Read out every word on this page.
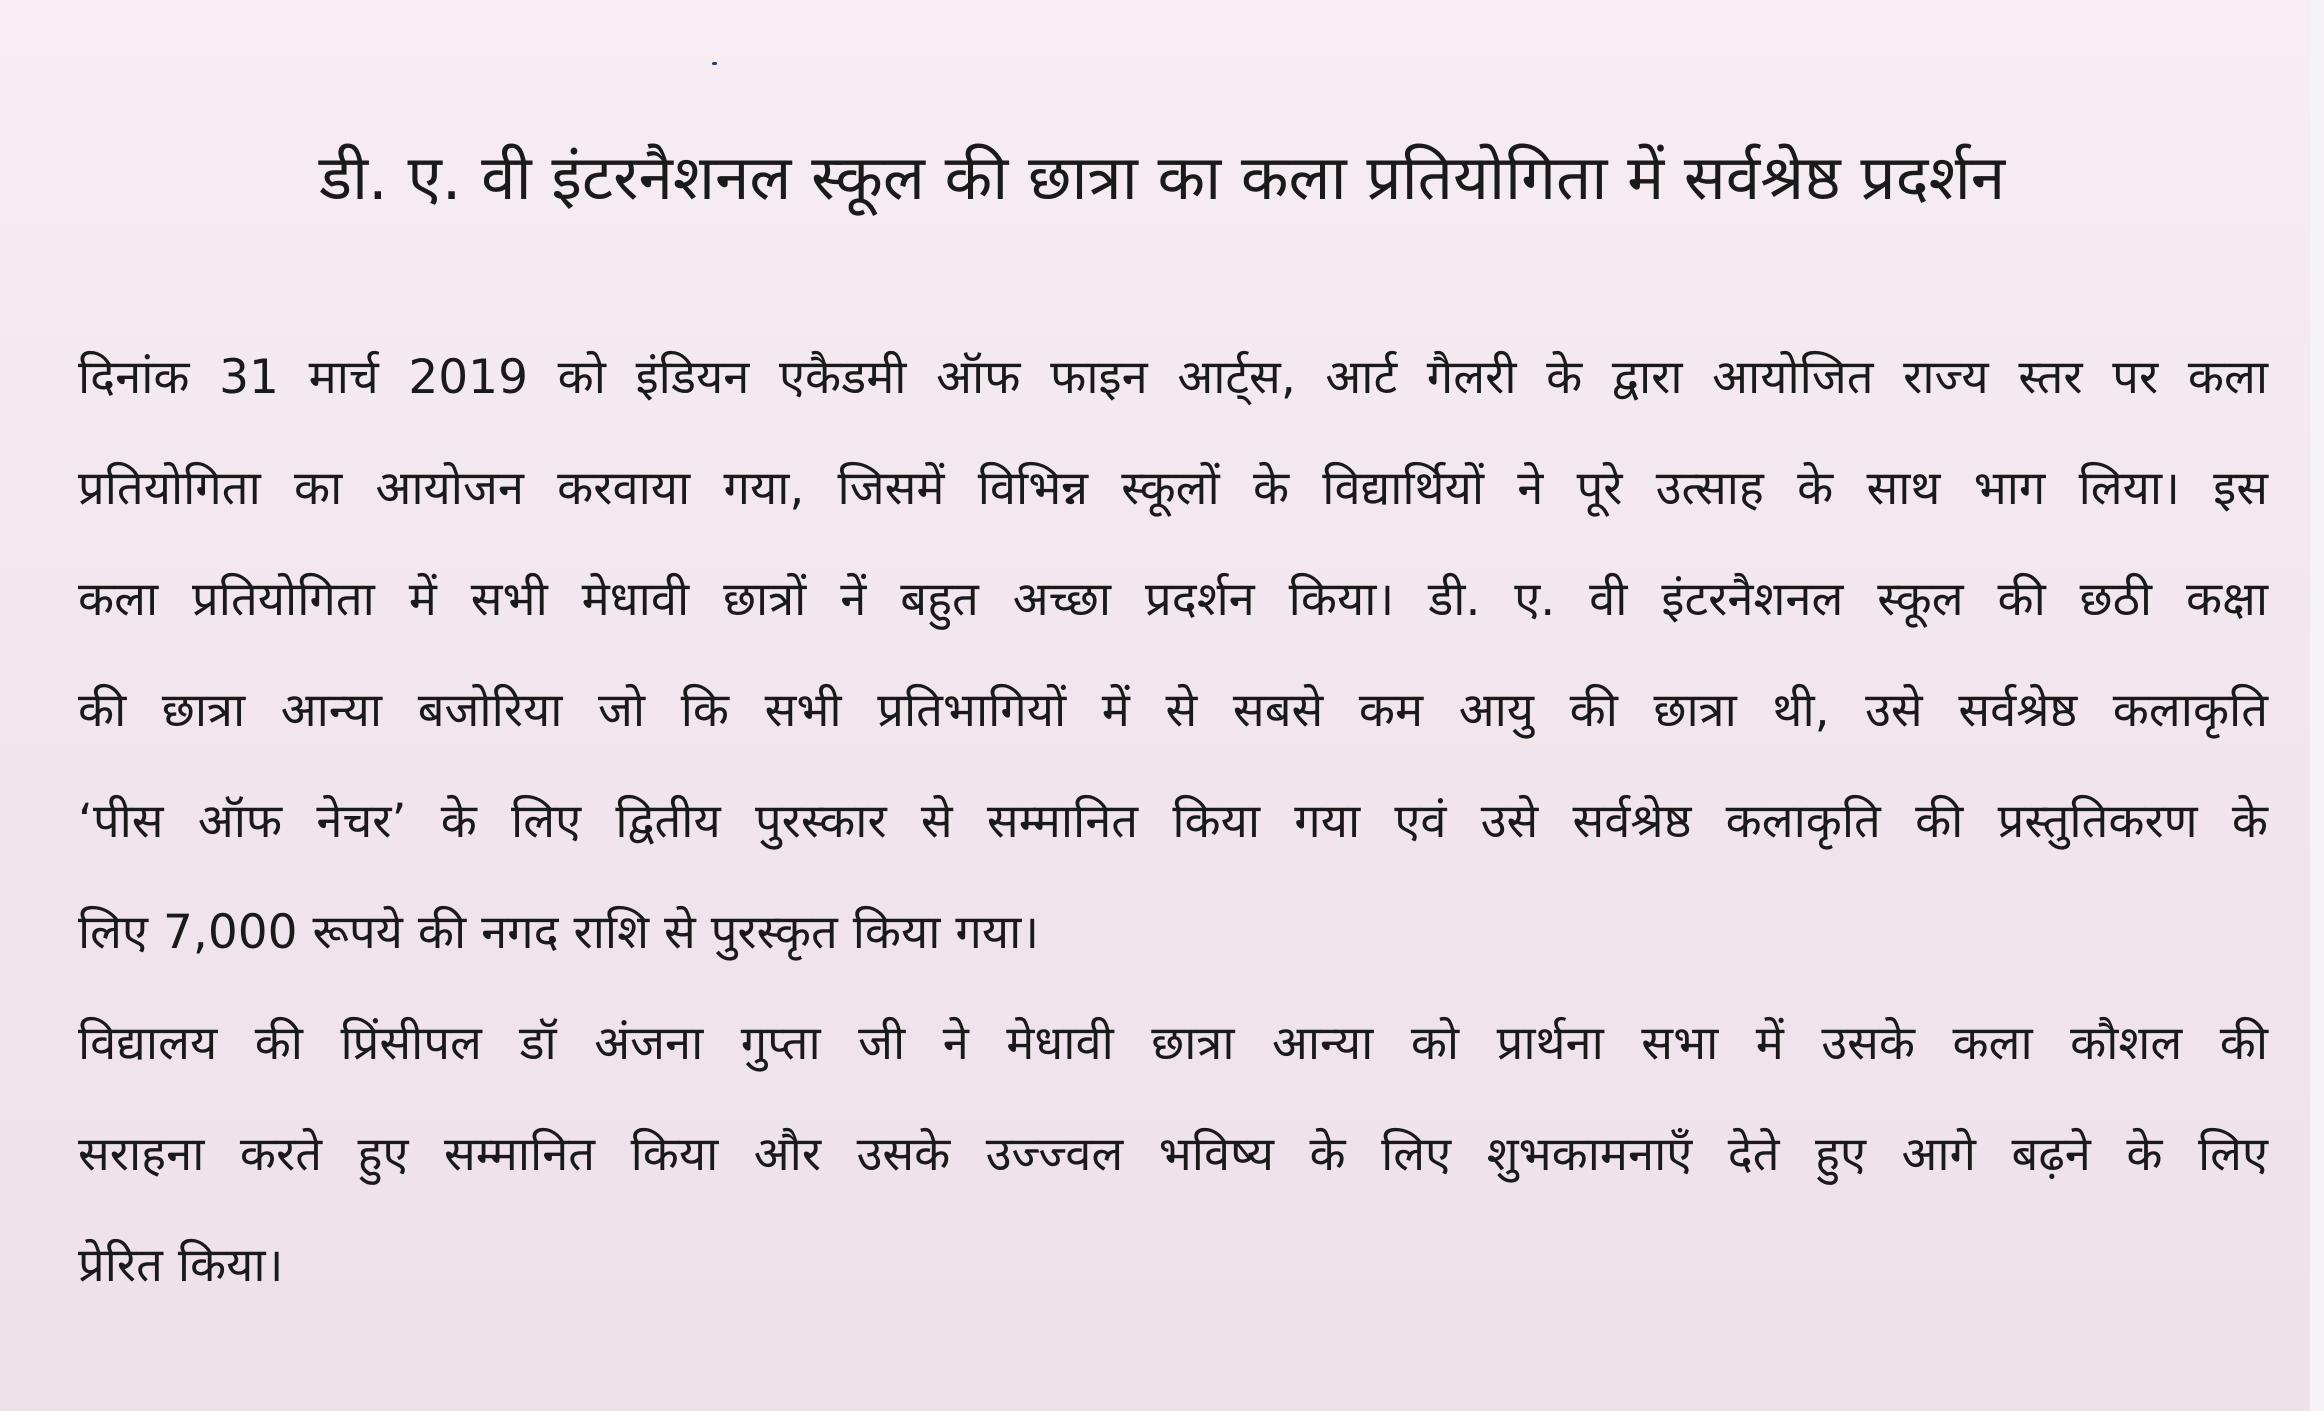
डी. ए. वी इंटरनैशनल स्कूल की छात्रा का कला प्रतियोगिता में सर्वश्रेष्ठ प्रदर्शन
दिनांक 31 मार्च 2019 को इंडियन एकैडमी ऑफ फाइन आर्ट्स, आर्ट गैलरी के द्वारा आयोजित राज्य स्तर पर कला
प्रतियोगिता का आयोजन करवाया गया, जिसमें विभिन्न स्कूलों के विद्यार्थियों ने पूरे उत्साह के साथ भाग लिया। इस
कला प्रतियोगिता में सभी मेधावी छात्रों नें बहुत अच्छा प्रदर्शन किया। डी. ए. वी इंटरनैशनल स्कूल की छठी कक्षा
की छात्रा आन्या बजोरिया जो कि सभी प्रतिभागियों में से सबसे कम आयु की छात्रा थी, उसे सर्वश्रेष्ठ कलाकृति
‘पीस ऑफ नेचर’ के लिए द्वितीय पुरस्कार से सम्मानित किया गया एवं उसे सर्वश्रेष्ठ कलाकृति की प्रस्तुतिकरण के
लिए 7,000 रूपये की नगद राशि से पुरस्कृत किया गया।
विद्यालय की प्रिंसीपल डॉ अंजना गुप्ता जी ने मेधावी छात्रा आन्या को प्रार्थना सभा में उसके कला कौशल की
सराहना करते हुए सम्मानित किया और उसके उज्ज्वल भविष्य के लिए शुभकामनाएँ देते हुए आगे बढ़ने के लिए
प्रेरित किया।
